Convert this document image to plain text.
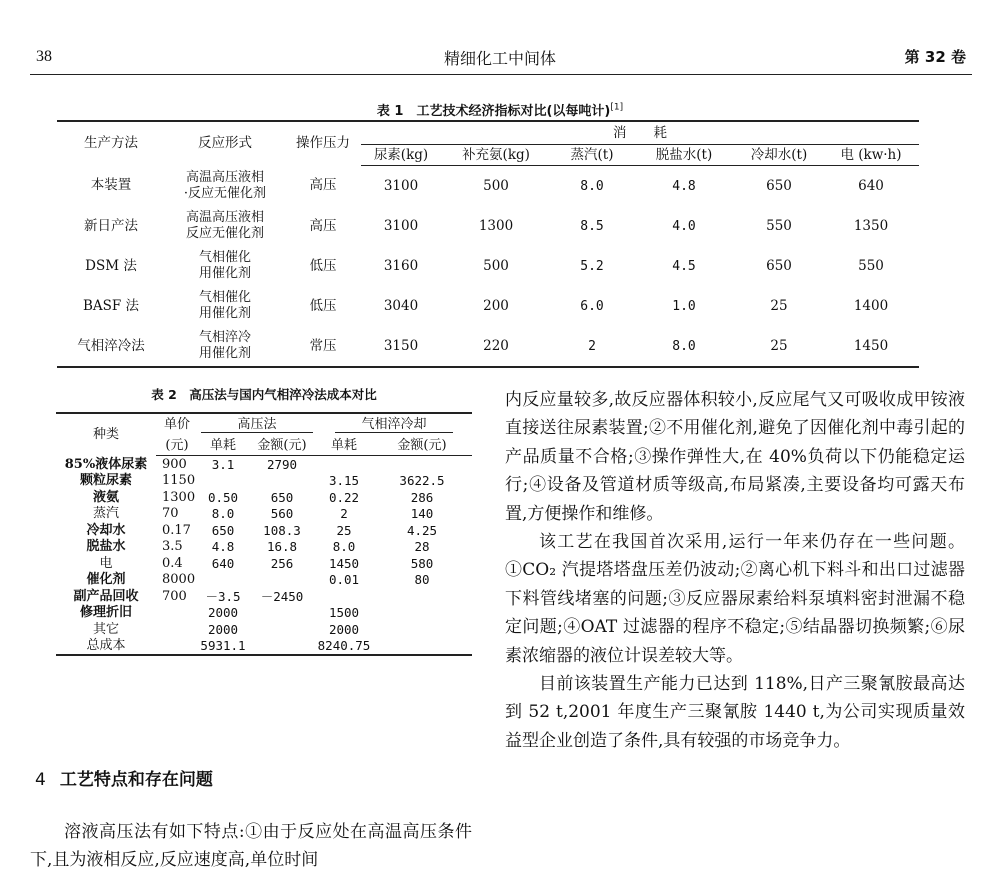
38	精细化工中间体	第 32 卷
表 1　工艺技术经济指标对比(以每吨计)[1]
生产方法	反应形式	操作压力	消　　耗					
			尿素(kg)	补充氨(kg)	蒸汽(t)	脱盐水(t)	冷却水(t)	电 (kw·h)
本装置	高温高压液相
·反应无催化剂	高压	3100	500	8.0	4.8	650	640
新日产法	高温高压液相
反应无催化剂	高压	3100	1300	8.5	4.0	550	1350
DSM 法	气相催化
用催化剂	低压	3160	500	5.2	4.5	650	550
BASF 法	气相催化
用催化剂	低压	3040	200	6.0	1.0	25	1400
气相淬冷法	气相淬冷
用催化剂	常压	3150	220	2	8.0	25	1450
表 2　高压法与国内气相淬冷法成本对比
种类	单价	高压法		气相淬冷却	
	(元)	单耗	金额(元)	单耗	金额(元)
85%液体尿素	900	3.1	2790		
颗粒尿素	1150			3.15	3622.5
液氨	1300	0.50	650	0.22	286
蒸汽	70	8.0	560	2	140
冷却水	0.17	650	108.3	25	4.25
脱盐水	3.5	4.8	16.8	8.0	28
电	0.4	640	256	1450	580
催化剂	8000			0.01	80
副产品回收	700	－3.5	－2450		
修理折旧		2000		1500	
其它		2000		2000	
总成本		5931.1		8240.75	
4 工艺特点和存在问题

溶液高压法有如下特点:①由于反应处在高温高压条件下,且为液相反应,反应速度高,单位时间

内反应量较多,故反应器体积较小,反应尾气又可吸收成甲铵液直接送往尿素装置;②不用催化剂,避免了因催化剂中毒引起的产品质量不合格;③操作弹性大,在 40%负荷以下仍能稳定运行;④设备及管道材质等级高,布局紧凑,主要设备均可露天布置,方便操作和维修。

该工艺在我国首次采用,运行一年来仍存在一些问题。①CO₂ 汽提塔塔盘压差仍波动;②离心机下料斗和出口过滤器下料管线堵塞的问题;③反应器尿素给料泵填料密封泄漏不稳定问题;④OAT 过滤器的程序不稳定;⑤结晶器切换频繁;⑥尿素浓缩器的液位计误差较大等。

目前该装置生产能力已达到 118%,日产三聚氰胺最高达到 52 t,2001 年度生产三聚氰胺 1440 t,为公司实现质量效益型企业创造了条件,具有较强的市场竞争力。
